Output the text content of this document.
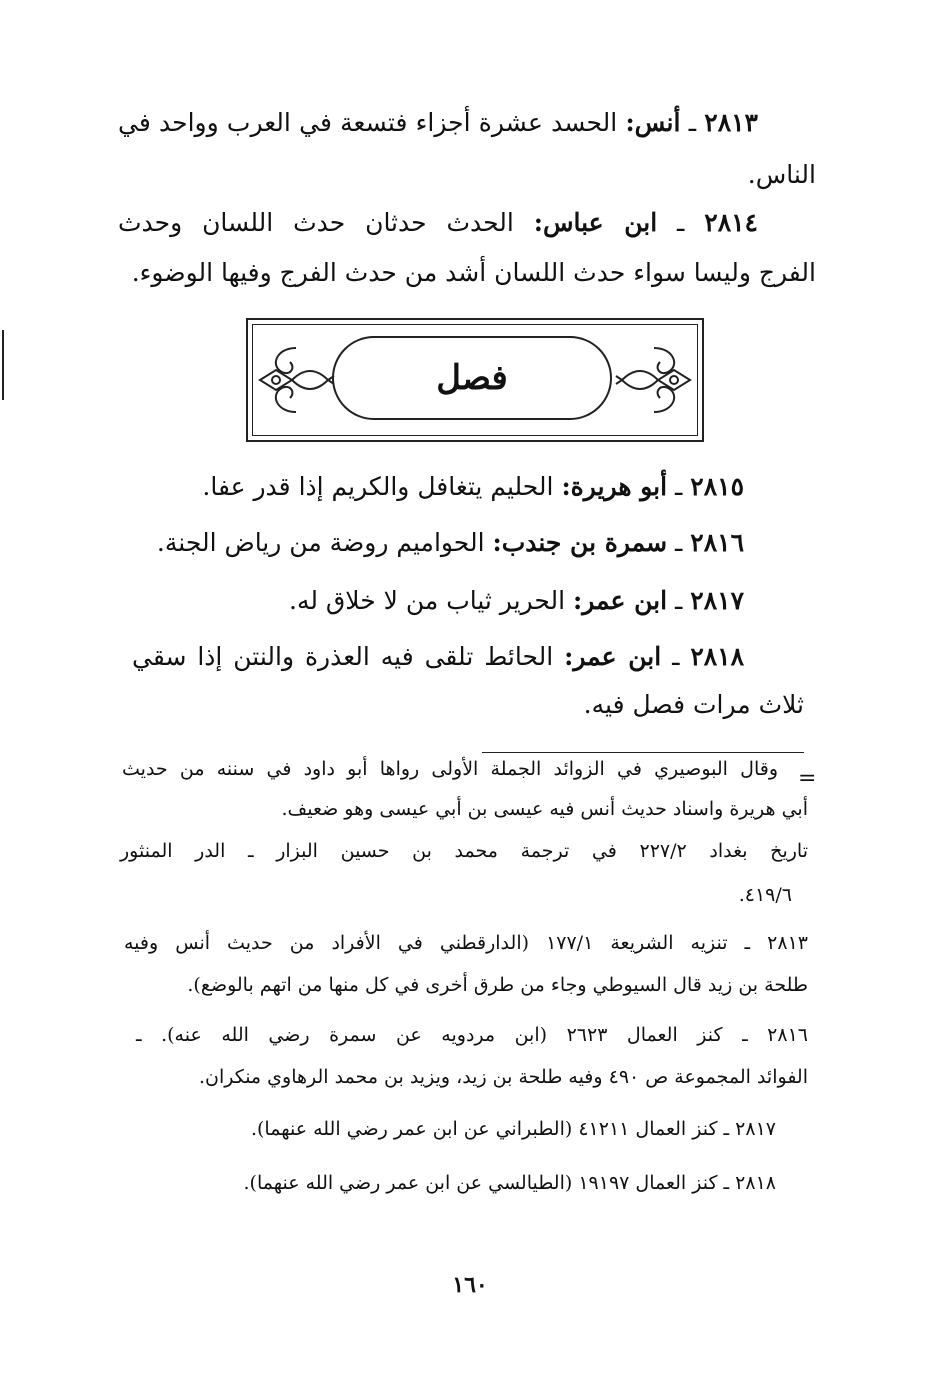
٢٨١٣ ـ أنس: الحسد عشرة أجزاء فتسعة في العرب وواحد في
الناس.
٢٨١٤ ـ ابن عباس: الحدث حدثان حدث اللسان وحدث
الفرج وليسا سواء حدث اللسان أشد من حدث الفرج وفيها الوضوء.
فصل
٢٨١٥ ـ أبو هريرة: الحليم يتغافل والكريم إذا قدر عفا.
٢٨١٦ ـ سمرة بن جندب: الحواميم روضة من رياض الجنة.
٢٨١٧ ـ ابن عمر: الحرير ثياب من لا خلاق له.
٢٨١٨ ـ ابن عمر: الحائط تلقى فيه العذرة والنتن إذا سقي
ثلاث مرات فصل فيه.
=
وقال البوصيري في الزوائد الجملة الأولى رواها أبو داود في سننه من حديث
أبي هريرة واسناد حديث أنس فيه عيسى بن أبي عيسى وهو ضعيف.
تاريخ بغداد ٢٢٧/٢ في ترجمة محمد بن حسين البزار ـ الدر المنثور
٤١٩/٦.
٢٨١٣ ـ تنزيه الشريعة ١٧٧/١ (الدارقطني في الأفراد من حديث أنس وفيه
طلحة بن زيد قال السيوطي وجاء من طرق أخرى في كل منها من اتهم بالوضع).
٢٨١٦ ـ كنز العمال ٢٦٢٣ (ابن مردويه عن سمرة رضي الله عنه). ـ
الفوائد المجموعة ص ٤٩٠ وفيه طلحة بن زيد، ويزيد بن محمد الرهاوي منكران.
٢٨١٧ ـ كنز العمال ٤١٢١١ (الطبراني عن ابن عمر رضي الله عنهما).
٢٨١٨ ـ كنز العمال ١٩١٩٧ (الطيالسي عن ابن عمر رضي الله عنهما).
١٦٠
